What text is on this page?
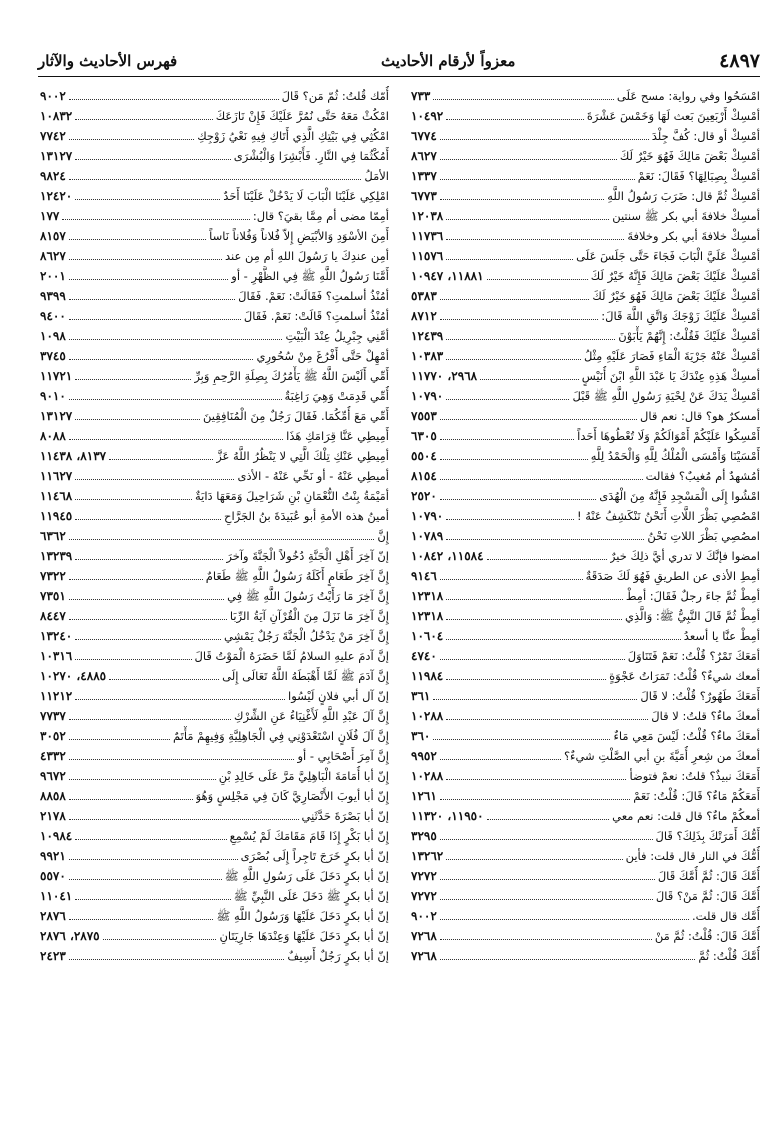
٤٨٩٧
معزواً لأرقام الأحاديث
فهرس الأحاديث والآثار
امْسَحُوا وفي رواية: مسح عَلَى
٧٣٣
أمْسِكْ أَرْبَعِينَ بَعث لَهَا وَخَمْسَ عَشْرَةَ
١٠٤٩٢
أمْسِكْ أو قال: كُفَّ جِلْدَ
٦٧٧٤
أمْسِكْ بَعْضَ مَالِكَ فَهُوَ خَيْرٌ لَكَ
٨٦٢٧
أمْسِكْ بِصِبَالِهَا؟ فَقَالَ: نَعَمْ
١٣٣٧
أمْسِكْ ثُمَّ قال: ضَرَبَ رَسُولُ اللَّهِ
٦٧٧٣
أمسِكْ خلافةَ أبي بكر ﷺ سنتين
١٢٠٣٨
أمسِكْ خلافةَ أبي بكر وخلافةَ
١١٧٣٦
أمْسِكْ عَلَيَّ الْبَابَ فَجَاءَ حَتَّى جَلَسَ عَلَى
١١٥٧٦
أمْسِكْ عَلَيْكَ بَعْضَ مَالِكَ فَإِنَّهُ خَيْرٌ لَكَ
١١٨٨١، ١٠٩٤٧
أمْسِكْ عَلَيْكَ بَعْضَ مَالِكَ فَهُوَ خَيْرٌ لَكَ
٥٣٨٣
أمْسِكْ عَلَيْكَ زَوْجَكَ وَاتَّقِ اللَّهَ قَالَ:
٨٧١٢
أمْسِكْ عَلَيْكَ فَقُلْتُ: إِنَّهُمْ يَأْبَوْنَ
١٢٤٣٩
أمْسِكْ عَنْهُ جَرْيَةَ الْمَاءِ فَصَارَ عَلَيْهِ مِثْلُ
١٠٣٨٣
أمسِكْ هَذِهِ عِنْدَكَ يَا عَبْدَ اللَّهِ ابْنَ أُنَيْسٍ
٢٩٦٨، ١١٧٧٠
أمْسِكْ يَدَكَ عَنْ لِحْيَةِ رَسُولِ اللَّهِ ﷺ قَبْلَ
١٠٧٩٠
أمسكرٌ هو؟ قال: نعم قال
٧٥٥٣
أَمْسِكُوا عَلَيْكُمْ أَمْوَالَكُمْ وَلَا تُعْطُوهَا أَحَداً
٦٣٠٥
أَمْسَيْنَا وَأَمْسَى الْمُلْكُ لِلَّهِ وَالْحَمْدُ لِلَّهِ
٥٥٠٤
أمُشهدٌ أم مُغيبٌ؟ فقالت
٨١٥٤
امْشُوا إِلَى الْمَسْجِدِ فَإِنَّهُ مِنَ الْهُدَى
٢٥٢٠
امْصُصِي بَظْرَ اللَّاتِ أَنَحْنُ نَنْكَشِفُ عَنْهُ !
١٠٧٩٠
امصُصِي بَظْرَ اللاتِ نَحْنُ
١٠٧٨٩
امضوا فإنَّكَ لا تدري أيَّ ذلِكَ خيرٌ
١١٥٨٤، ١٠٨٤٢
أمِطِ الأذى عن الطريقِ فَهُوَ لَكَ صَدَقَةٌ
٩١٤٦
أمِطْ ثُمَّ جاءَ رجلٌ فَقَالَ: أمِطْ
١٢٣١٨
أمِطْ ثُمَّ قَالَ النَّبِيُّ ﷺ: وَالَّذِي
١٢٣١٨
أمِطْ عنَّا يا أسعدُ
١٠٦٠٤
أمَعَكَ تَمْرٌ؟ قُلْتُ: نَعَمْ فَتَنَاوَلَ
٤٧٤٠
أمعك شيءٌ؟ قُلْتُ: تَمَرَاتُ عَجْوَةٍ
١١٩٨٤
أَمَعَكَ طَهُورٌ؟ قُلْتُ: لا قَالَ
٣٦١
أمعكَ ماءٌ؟ قلتُ: لا قالَ
١٠٢٨٨
أمعَكَ ماءٌ؟ قُلْتُ: لَيْسَ مَعِي مَاءٌ
٣٦٠
أمعكَ من شِعرِ أُمَيَّةَ بنِ أبي الصَّلْتِ شيءٌ؟
٩٩٥٢
أَمَعَكَ نبيذٌ؟ قلتُ: نعمْ فتوضأ
١٠٢٨٨
أَمَعَكُمْ مَاءٌ؟ قَالَ: قُلْتُ: نَعَمْ
١٢٦١
أمعكُمْ ماءٌ؟ قال قلت: نعم معي
١١٩٥٠، ١١٣٢٠
أَمُّكَ أَمَرَتْكَ بِذَلِكَ؟ قَالَ
٣٢٩٥
أُمُّكَ في النار قال قلت: فأين
١٣٢٦٢
أُمَّكَ قَالَ: ثُمَّ أُمَّكَ قَالَ
٧٢٧٢
أُمَّكَ قَالَ: ثُمَّ مَنْ؟ قَالَ
٧٢٧٢
أُمَّك قال قلت.
٩٠٠٢
أُمَّكَ قَالَ: قُلْتُ: ثُمَّ مَنْ
٧٢٦٨
أُمَّكَ قُلْتُ: ثُمَّ
٧٢٦٨
أُمّك قُلتُ: ثُمّ مَن؟ قَالَ
٩٠٠٢
امْكُثْ مَعَهُ حَتَّى نُمُرَّ عَلَيْكَ فَإِنْ نَازَعَكَ
١٠٨٣٢
امْكُثِي فِي بَيْتِكِ الَّذِي أَتَاكِ فِيهِ نَعْيُ زَوْجِكِ
٧٧٤٢
أَمُكْثُمَا فِي النَّارِ. فَأَبْشِرَا وَالْبُشْرَى
١٣١٢٧
الأمَلُ
٩٨٢٤
امْلِكِي عَلَيْنَا الْبَابَ لَا يَدْخُلْ عَلَيْنَا أَحَدٌ
١٢٤٢٠
أمِمّا مضى أم مِمَّا بقيَ؟ قال:
١٧٧
أَمِنَ الأسْوَدِ وَالأبْيَضِ إِلاّ فُلاناً وَفُلاناً نَاساً
٨١٥٧
أمِن عندِكَ يا رَسُولَ اللهِ أم مِن عند
٨٦٢٧
أَمَّنَا رَسُولُ اللَّهِ ﷺ فِي الظُّهْرِ - أو
٢٠٠١
أمُنْذُ أسلمتِ؟ فَقَالَتْ: نَعَمْ. فَقَالَ
٩٣٩٩
أمُنْذُ أسلمتِ؟ قَالَتْ: نَعَمْ. فَقَالَ
٩٤٠٠
أمَّنِي جِبْرِيلُ عِنْدَ الْبَيْتِ
١٠٩٨
أمْهِلْ حَتَّى أَفْرُغَ مِنْ سُحُورِي
٣٧٤٥
أَمِّي أَلَيْسَ اللَّهُ ﷺ يَأْمُرُكَ بِصِلَةِ الرَّحِمِ وَبِرِّ
١١٧٢١
أُمِّي قَدِمَتْ وَهِيَ رَاغِبَةٌ
٩٠١٠
أَمِّي مَعَ أُمِّكُمَا. فَقَالَ رَجُلٌ مِنَ الْمُنَافِقِينَ
١٣١٢٧
أَمِيطِي عَنَّا قِرَامَكِ هَذَا
٨٠٨٨
أمِيطِي عَنْكِ تِلْكَ الَّتِي لا يَنْظُرُ اللَّهُ عَزَّ
٨١٣٧، ١١٤٣٨
أميطِي عَنْهُ - أو نَحِّي عَنْهُ - الأذى
١١٦٢٧
أمَيْمَةُ بِنْتُ النُّعْمَانِ بْنِ شَرَاحِيلَ وَمَعَهَا دَايَةٌ
١١٤٦٨
أمينُ هذه الأمةِ أبو عُبَيدَةَ بنُ الجَرَّاحِ
١١٩٤٥
إِنَّ
٦٣٦٢
إنّ آخِرَ أَهْلِ الْجَنَّةِ دُخُولاً الْجَنَّةَ وآخرَ
١٣٢٣٩
إِنَّ آخِرَ طَعَامٍ أَكَلَهُ رَسُولُ اللَّهِ ﷺ طَعَامٌ
٧٣٢٢
إِنَّ آخِرَ مَا رَأَيْتُ رَسُولَ اللَّهِ ﷺ فِي
٧٣٥١
إِنَّ آخِرَ مَا نَزَلَ مِنَ الْقُرْآنِ آيَةُ الرِّبَا
٨٤٤٧
إِنَّ آخِرَ مَنْ يَدْخُلُ الْجَنَّةَ رَجُلٌ يَمْشِي
١٣٢٤٠
إنَّ آدمَ عليهِ السلامُ لَمَّا حَضَرَهُ الْمَوْتُ قَالَ
١٠٣١٦
إِنَّ آدَمَ ﷺ لَمَّا أَهْبَطَهُ اللَّهُ تَعَالَى إِلَى
٤٨٨٥، ١٠٢٧٠
إنّ آل أبي فلانٍ لَيْسُوا
١١٢١٢
إِنَّ آلَ عَبْدِ اللَّهِ لَأَغْنِيَاءُ عَنِ الشِّرْكِ
٧٧٣٧
إِنَّ آلَ فُلَانٍ اسْتَعْدَوْنِي فِي الْجَاهِلِيَّةِ وَفِيهِمْ مَأْتَمٌ
٣٠٥٢
إِنَّ آمِرَ أَصْحَابِي - أو
٤٣٣٢
إِنّ أبا أُمَامَةَ الْبَاهِلِيَّ مَرَّ عَلَى خَالِدِ بْنِ
٩٦٧٢
إِنّ أبا أيوبَ الأَنْصَارِيَّ كَانَ فِي مَجْلِسٍ وَهُوَ
٨٨٥٨
إنّ أبا بَصْرَةَ حَدَّثَنِي
٢١٧٨
إِنّ أبا بَكْرٍ إِذَا قَامَ مَقَامَكَ لَمْ يُسْمِعِ
١٠٩٨٤
إنّ أبا بكرٍ خَرَجَ تَاجِراً إِلَى بُصْرَى
٩٩٢١
إنّ أبا بكرٍ دَخَلَ عَلَى رَسُولِ اللَّهِ ﷺ
٥٥٧٠
إنّ أبا بكرٍ ﷺ دَخَلَ عَلَى النَّبِيِّ ﷺ
١١٠٤١
إنّ أبا بكرٍ دَخَلَ عَلَيْهَا وَرَسُولُ اللَّهِ ﷺ
٢٨٧٦
إنّ أبا بكرٍ دَخَلَ عَلَيْهَا وَعِنْدَهَا جَارِيَتَانِ
٢٨٧٥، ٢٨٧٦
إنّ أبا بكرٍ رَجُلٌ أَسِيفٌ
٢٤٢٣
